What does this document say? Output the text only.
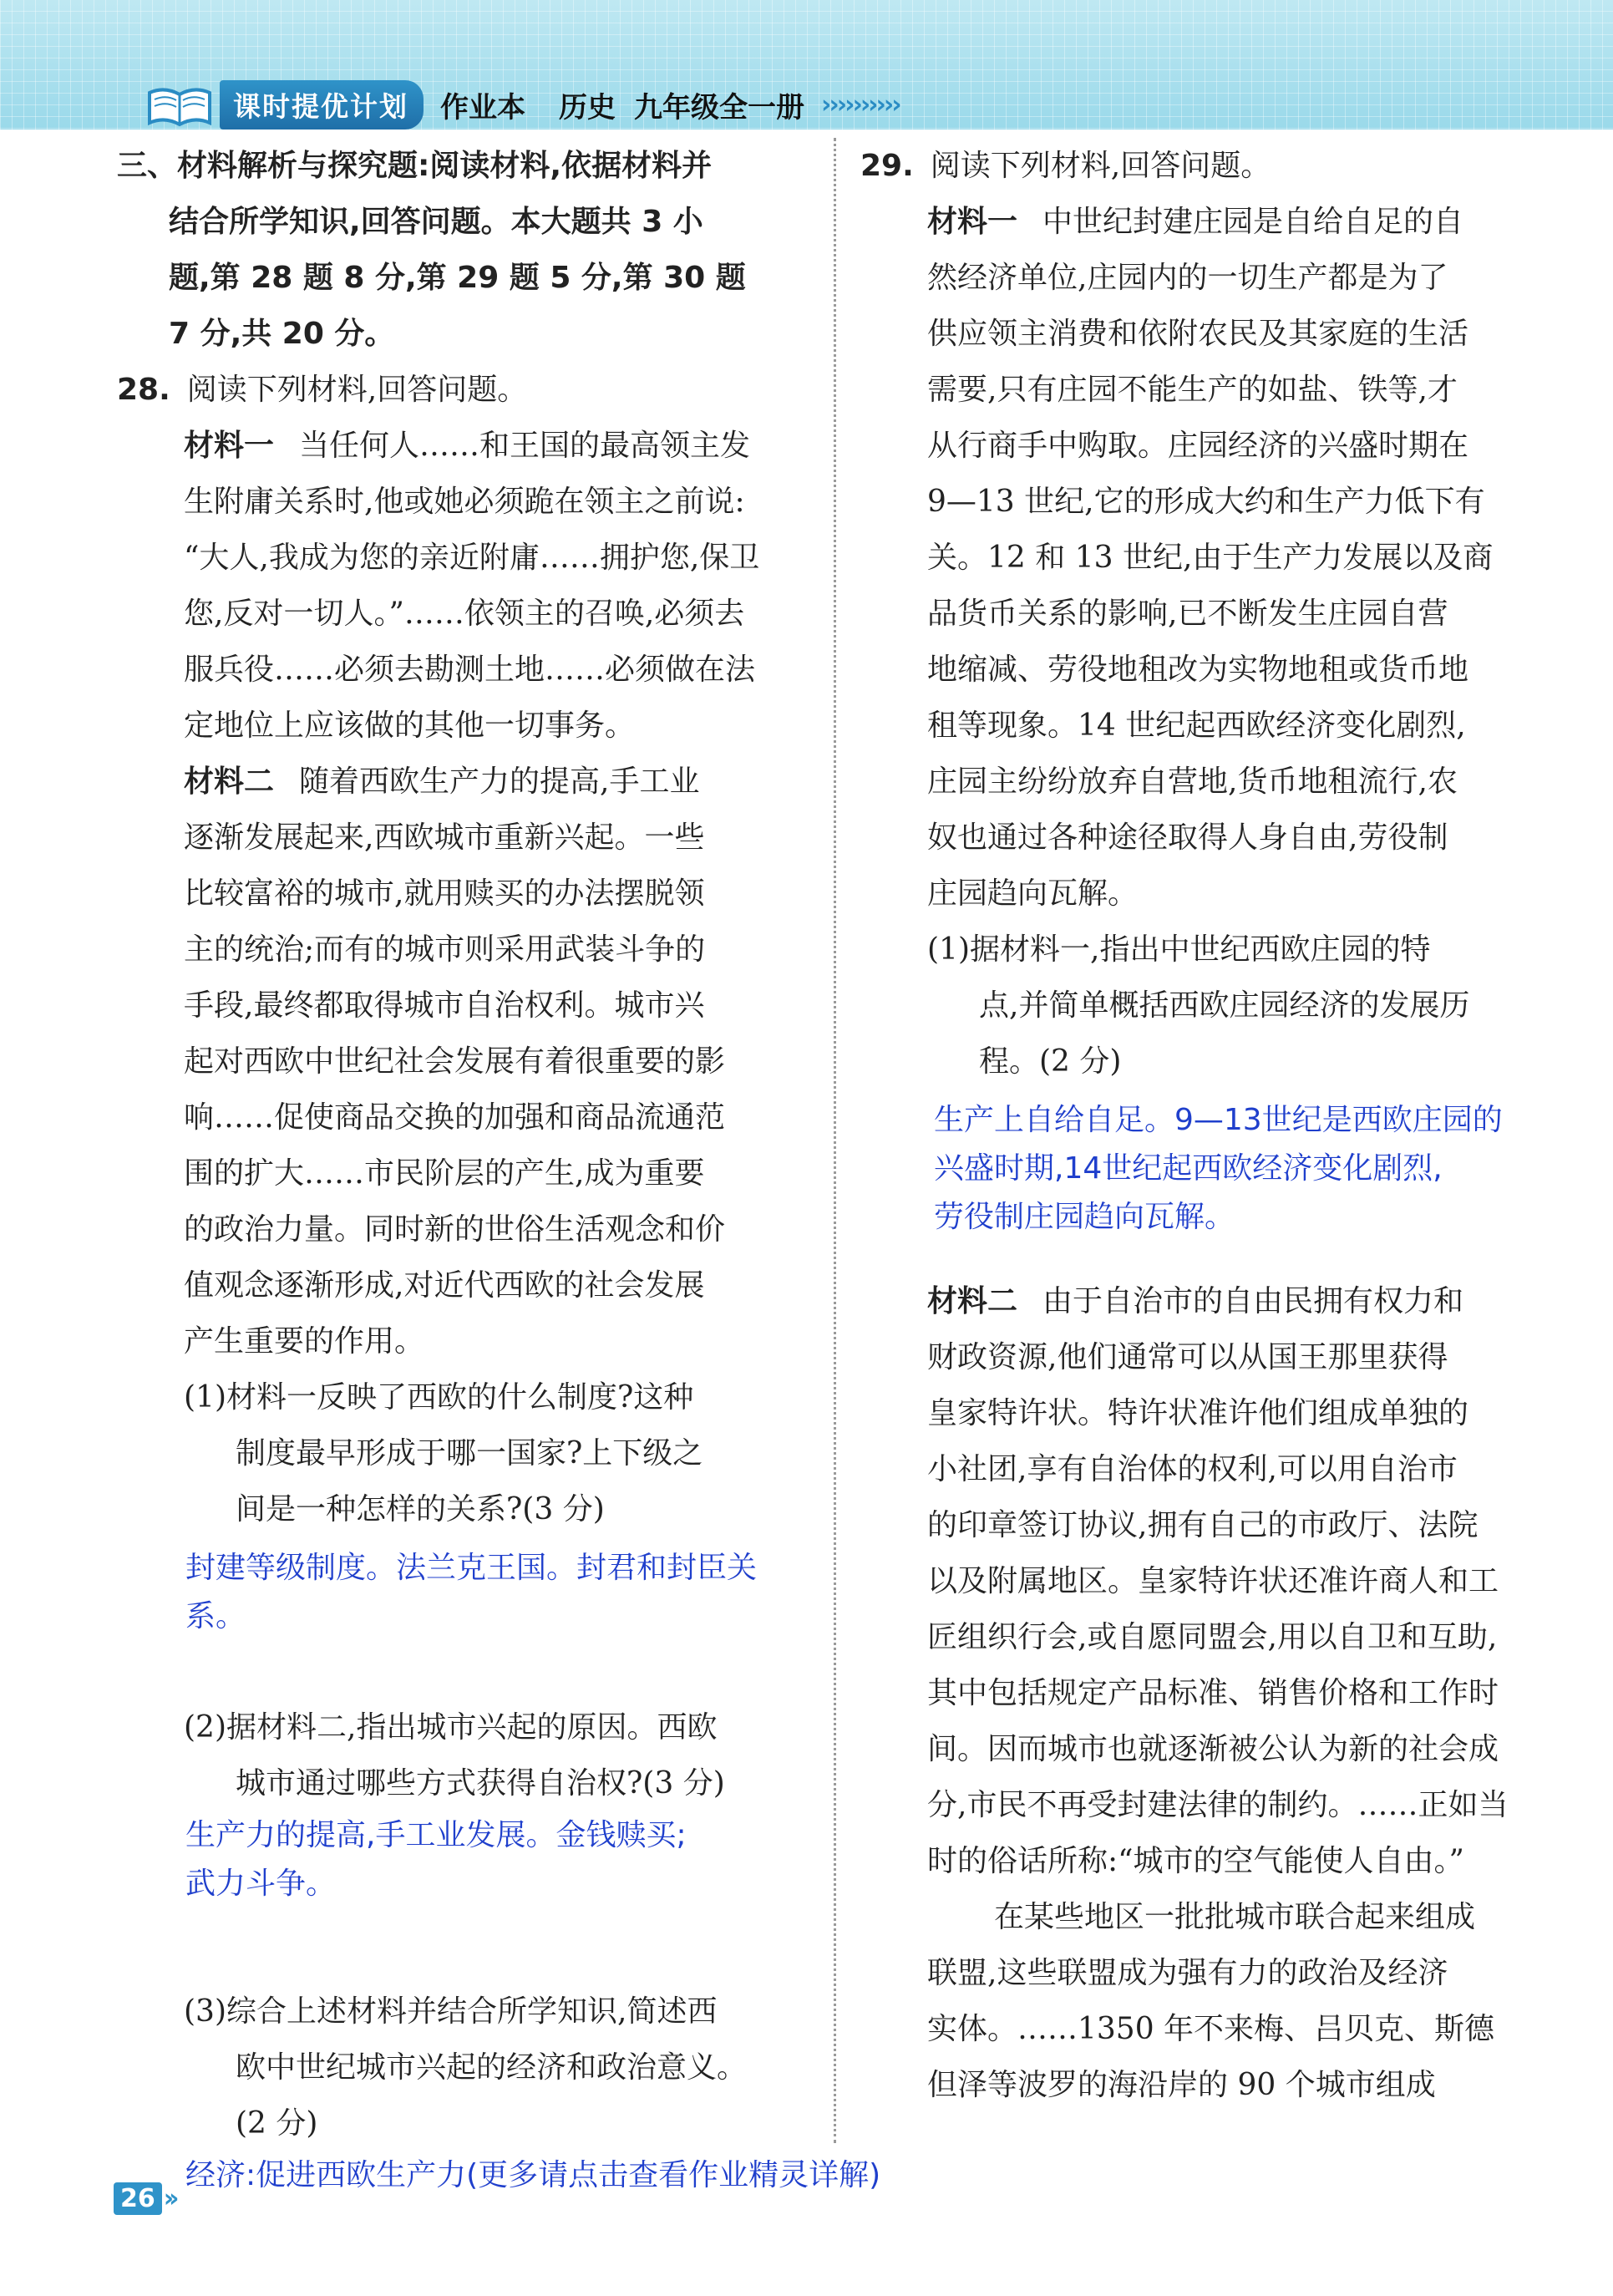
课时提优计划	作业本 历史 九年级全一册 ››››››››››

三、材料解析与探究题:阅读材料,依据材料并

结合所学知识,回答问题。本大题共 3 小

题,第 28 题 8 分,第 29 题 5 分,第 30 题

7 分,共 20 分。

28. 阅读下列材料,回答问题。

材料一 当任何人……和王国的最高领主发

生附庸关系时,他或她必须跪在领主之前说:

“大人,我成为您的亲近附庸……拥护您,保卫

您,反对一切人。”……依领主的召唤,必须去

服兵役……必须去勘测土地……必须做在法

定地位上应该做的其他一切事务。

材料二 随着西欧生产力的提高,手工业

逐渐发展起来,西欧城市重新兴起。一些

比较富裕的城市,就用赎买的办法摆脱领

主的统治;而有的城市则采用武装斗争的

手段,最终都取得城市自治权利。城市兴

起对西欧中世纪社会发展有着很重要的影

响……促使商品交换的加强和商品流通范

围的扩大……市民阶层的产生,成为重要

的政治力量。同时新的世俗生活观念和价

值观念逐渐形成,对近代西欧的社会发展

产生重要的作用。

(1)材料一反映了西欧的什么制度?这种

制度最早形成于哪一国家?上下级之

间是一种怎样的关系?(3 分)

封建等级制度。法兰克王国。封君和封臣关系。

(2)据材料二,指出城市兴起的原因。西欧

城市通过哪些方式获得自治权?(3 分)

生产力的提高,手工业发展。金钱赎买;

武力斗争。

(3)综合上述材料并结合所学知识,简述西

欧中世纪城市兴起的经济和政治意义。

(2 分)

经济:促进西欧生产力(更多请点击查看作业精灵详解)

29. 阅读下列材料,回答问题。

材料一 中世纪封建庄园是自给自足的自

然经济单位,庄园内的一切生产都是为了

供应领主消费和依附农民及其家庭的生活

需要,只有庄园不能生产的如盐、铁等,才

从行商手中购取。庄园经济的兴盛时期在

9—13 世纪,它的形成大约和生产力低下有

关。12 和 13 世纪,由于生产力发展以及商

品货币关系的影响,已不断发生庄园自营

地缩减、劳役地租改为实物地租或货币地

租等现象。14 世纪起西欧经济变化剧烈,

庄园主纷纷放弃自营地,货币地租流行,农

奴也通过各种途径取得人身自由,劳役制

庄园趋向瓦解。

(1)据材料一,指出中世纪西欧庄园的特

点,并简单概括西欧庄园经济的发展历

程。(2 分)

生产上自给自足。9—13世纪是西欧庄园的

兴盛时期,14世纪起西欧经济变化剧烈,

劳役制庄园趋向瓦解。

材料二 由于自治市的自由民拥有权力和

财政资源,他们通常可以从国王那里获得

皇家特许状。特许状准许他们组成单独的

小社团,享有自治体的权利,可以用自治市

的印章签订协议,拥有自己的市政厅、法院

以及附属地区。皇家特许状还准许商人和工

匠组织行会,或自愿同盟会,用以自卫和互助,

其中包括规定产品标准、销售价格和工作时

间。因而城市也就逐渐被公认为新的社会成

分,市民不再受封建法律的制约。……正如当

时的俗话所称:“城市的空气能使人自由。”

在某些地区一批批城市联合起来组成

联盟,这些联盟成为强有力的政治及经济

实体。……1350 年不来梅、吕贝克、斯德

但泽等波罗的海沿岸的 90 个城市组成

26 ››
